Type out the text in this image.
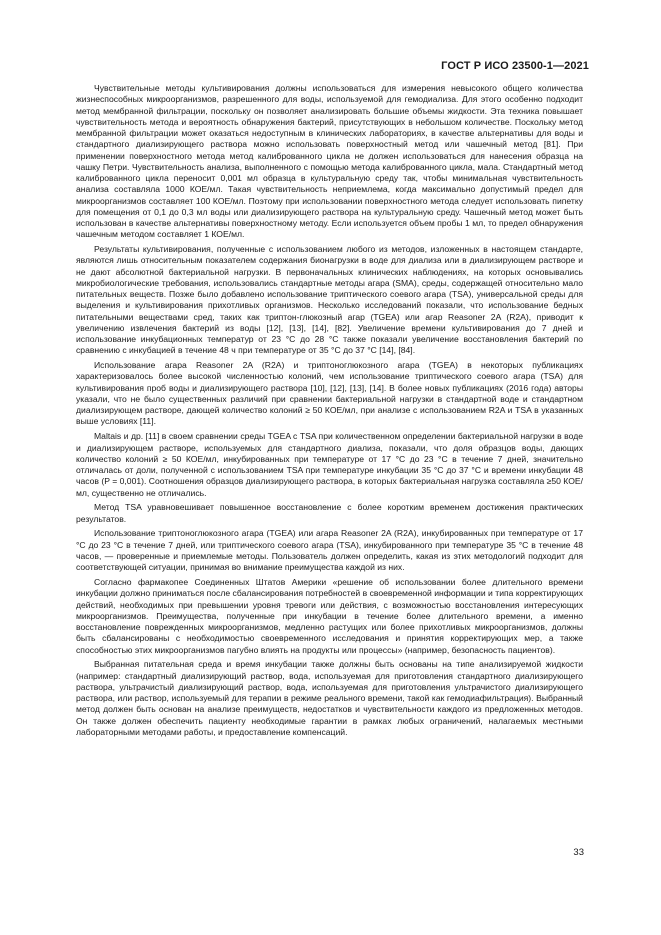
ГОСТ Р ИСО 23500-1—2021

Чувствительные методы культивирования должны использоваться для измерения невысокого общего количества жизнеспособных микроорганизмов, разрешенного для воды, используемой для гемодиализа. Для этого особенно подходит метод мембранной фильтрации, поскольку он позволяет анализировать большие объемы жидкости. Эта техника повышает чувствительность метода и вероятность обнаружения бактерий, присутствующих в небольшом количестве. Поскольку метод мембранной фильтрации может оказаться недоступным в клинических лабораториях, в качестве альтернативы для воды и стандартного диализирующего раствора можно использовать поверхностный метод или чашечный метод [81]. При применении поверхностного метода метод калиброванного цикла не должен использоваться для нанесения образца на чашку Петри. Чувствительность анализа, выполненного с помощью метода калиброванного цикла, мала. Стандартный метод калиброванного цикла переносит 0,001 мл образца в культуральную среду так, чтобы минимальная чувствительность анализа составляла 1000 КОЕ/мл. Такая чувствительность неприемлема, когда максимально допустимый предел для микроорганизмов составляет 100 КОЕ/мл. Поэтому при использовании поверхностного метода следует использовать пипетку для помещения от 0,1 до 0,3 мл воды или диализирующего раствора на культуральную среду. Чашечный метод может быть использован в качестве альтернативы поверхностному методу. Если используется объем пробы 1 мл, то предел обнаружения чашечным методом составляет 1 КОЕ/мл.

Результаты культивирования, полученные с использованием любого из методов, изложенных в настоящем стандарте, являются лишь относительным показателем содержания бионагрузки в воде для диализа или в диализирующем растворе и не дают абсолютной бактериальной нагрузки. В первоначальных клинических наблюдениях, на которых основывались микробиологические требования, использовались стандартные методы агара (SMA), среды, содержащей относительно мало питательных веществ. Позже было добавлено использование триптического соевого агара (TSA), универсальной среды для выделения и культивирования прихотливых организмов. Несколько исследований показали, что использование бедных питательными веществами сред, таких как триптон-глюкозный агар (TGEA) или агар Reasoner 2A (R2A), приводит к увеличению извлечения бактерий из воды [12], [13], [14], [82]. Увеличение времени культивирования до 7 дней и использование инкубационных температур от 23 °С до 28 °С также показали увеличение восстановления бактерий по сравнению с инкубацией в течение 48 ч при температуре от 35 °С до 37 °С [14], [84].

Использование агара Reasoner 2A (R2A) и триптоноглюкозного агара (TGEA) в некоторых публикациях характеризовалось более высокой численностью колоний, чем использование триптического соевого агара (TSA) для культивирования проб воды и диализирующего раствора [10], [12], [13], [14]. В более новых публикациях (2016 года) авторы указали, что не было существенных различий при сравнении бактериальной нагрузки в стандартной воде и стандартном диализирующем растворе, дающей количество колоний ≥ 50 КОЕ/мл, при анализе с использованием R2A и TSA в указанных выше условиях [11].

Maltais и др. [11] в своем сравнении среды TGEA с TSA при количественном определении бактериальной нагрузки в воде и диализирующем растворе, используемых для стандартного диализа, показали, что доля образцов воды, дающих количество колоний ≥ 50 КОЕ/мл, инкубированных при температуре от 17 °С до 23 °С в течение 7 дней, значительно отличалась от доли, полученной с использованием TSA при температуре инкубации 35 °С до 37 °С и времени инкубации 48 часов (P = 0,001). Соотношения образцов диализирующего раствора, в которых бактериальная нагрузка составляла ≥50 КОЕ/мл, существенно не отличались.

Метод TSA уравновешивает повышенное восстановление с более коротким временем достижения практических результатов.

Использование триптоноглюкозного агара (TGEA) или агара Reasoner 2A (R2A), инкубированных при температуре от 17 °С до 23 °С в течение 7 дней, или триптического соевого агара (TSA), инкубированного при температуре 35 °С в течение 48 часов, — проверенные и приемлемые методы. Пользователь должен определить, какая из этих методологий подходит для соответствующей ситуации, принимая во внимание преимущества каждой из них.

Согласно фармакопее Соединенных Штатов Америки «решение об использовании более длительного времени инкубации должно приниматься после сбалансирования потребностей в своевременной информации и типа корректирующих действий, необходимых при превышении уровня тревоги или действия, с возможностью восстановления интересующих микроорганизмов. Преимущества, полученные при инкубации в течение более длительного времени, а именно восстановление поврежденных микроорганизмов, медленно растущих или более прихотливых микроорганизмов, должны быть сбалансированы с необходимостью своевременного исследования и принятия корректирующих мер, а также способностью этих микроорганизмов пагубно влиять на продукты или процессы» (например, безопасность пациентов).

Выбранная питательная среда и время инкубации также должны быть основаны на типе анализируемой жидкости (например: стандартный диализирующий раствор, вода, используемая для приготовления стандартного диализирующего раствора, ультрачистый диализирующий раствор, вода, используемая для приготовления ультрачистого диализирующего раствора, или раствор, используемый для терапии в режиме реального времени, такой как гемодиафильтрация). Выбранный метод должен быть основан на анализе преимуществ, недостатков и чувствительности каждого из предложенных методов. Он также должен обеспечить пациенту необходимые гарантии в рамках любых ограничений, налагаемых местными лабораторными методами работы, и предоставление компенсаций.

33
